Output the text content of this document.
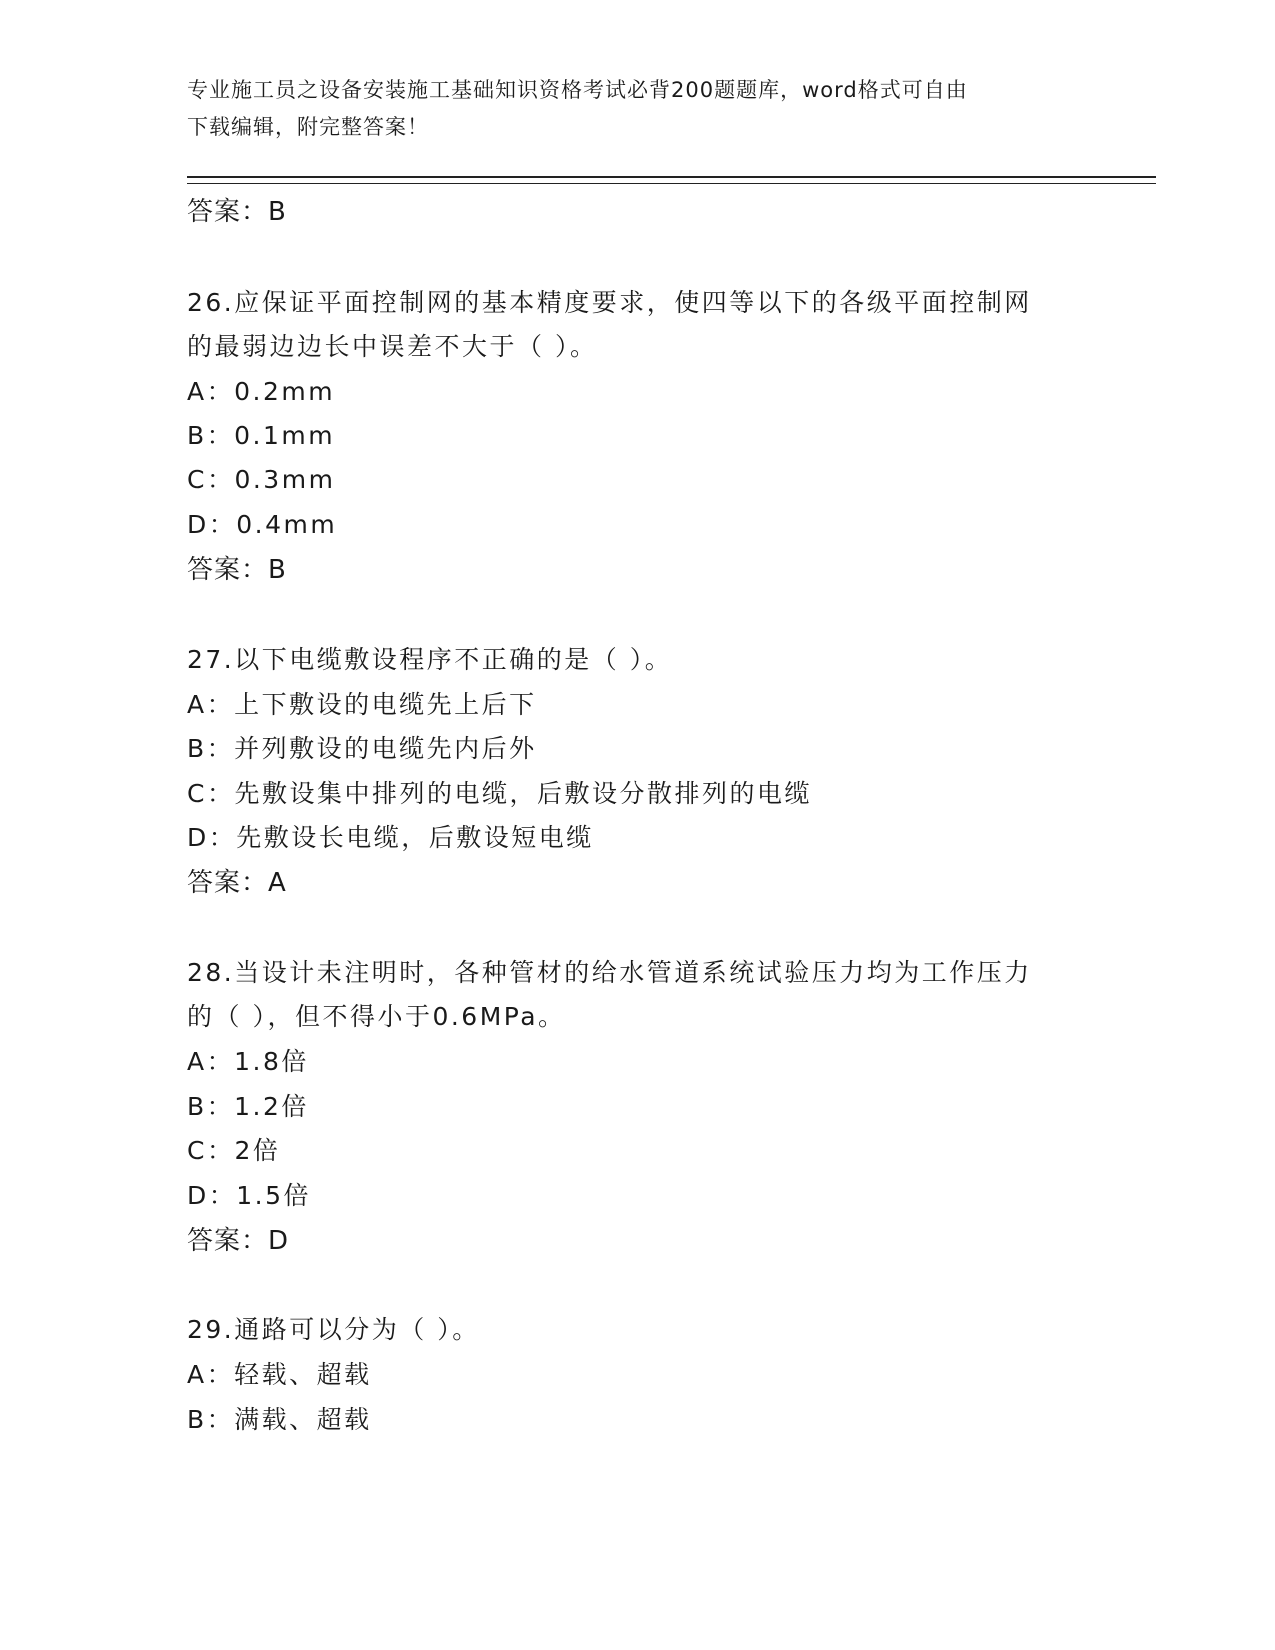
专业施工员之设备安装施工基础知识资格考试必背200题题库，word格式可自由
下载编辑，附完整答案！
答案：B
26.应保证平面控制网的基本精度要求，使四等以下的各级平面控制网
的最弱边边长中误差不大于（ ）。
A：0.2mm
B：0.1mm
C：0.3mm
D：0.4mm
答案：B
27.以下电缆敷设程序不正确的是（ ）。
A：上下敷设的电缆先上后下
B：并列敷设的电缆先内后外
C：先敷设集中排列的电缆，后敷设分散排列的电缆
D：先敷设长电缆，后敷设短电缆
答案：A
28.当设计未注明时，各种管材的给水管道系统试验压力均为工作压力
的（ ），但不得小于0.6MPa。
A：1.8倍
B：1.2倍
C：2倍
D：1.5倍
答案：D
29.通路可以分为（ ）。
A：轻载、超载
B：满载、超载
